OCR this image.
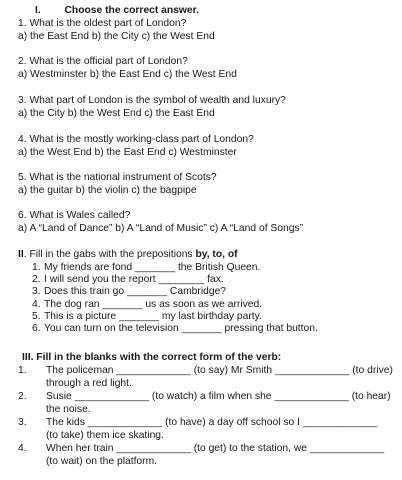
I. Choose the correct answer.
1. What is the oldest part of London?
a) the East End b) the City c) the West End
2. What is the official part of London?
a) Westminster b) the East End c) the West End
3. What part of London is the symbol of wealth and luxury?
a) the City b) the West End c) the East End
4. What is the mostly working-class part of London?
a) the West End b) the East End c) Westminster
5. What is the national instrument of Scots?
a) the guitar b) the violin c) the bagpipe
6. What is Wales called?
a) A “Land of Dance” b) A “Land of Music” c) A “Land of Songs”
II. Fill in the gabs with the prepositions by, to, of
1. My friends are fond _______ the British Queen.
2. I will send you the report ________ fax.
3. Does this train go _______ Cambridge?
4. The dog ran _______ us as soon as we arrived.
5. This is a picture _______ my last birthday party.
6. You can turn on the television _______ pressing that button.
III. Fill in the blanks with the correct form of the verb:
1. The policeman _____________ (to say) Mr Smith _____________ (to drive)
through a red light.
2. Susie _____________ (to watch) a film when she _____________ (to hear)
the noise.
3. The kids _____________ (to have) a day off school so I _____________
(to take) them ice skating.
4. When her train _____________ (to get) to the station, we _____________
(to wait) on the platform.
